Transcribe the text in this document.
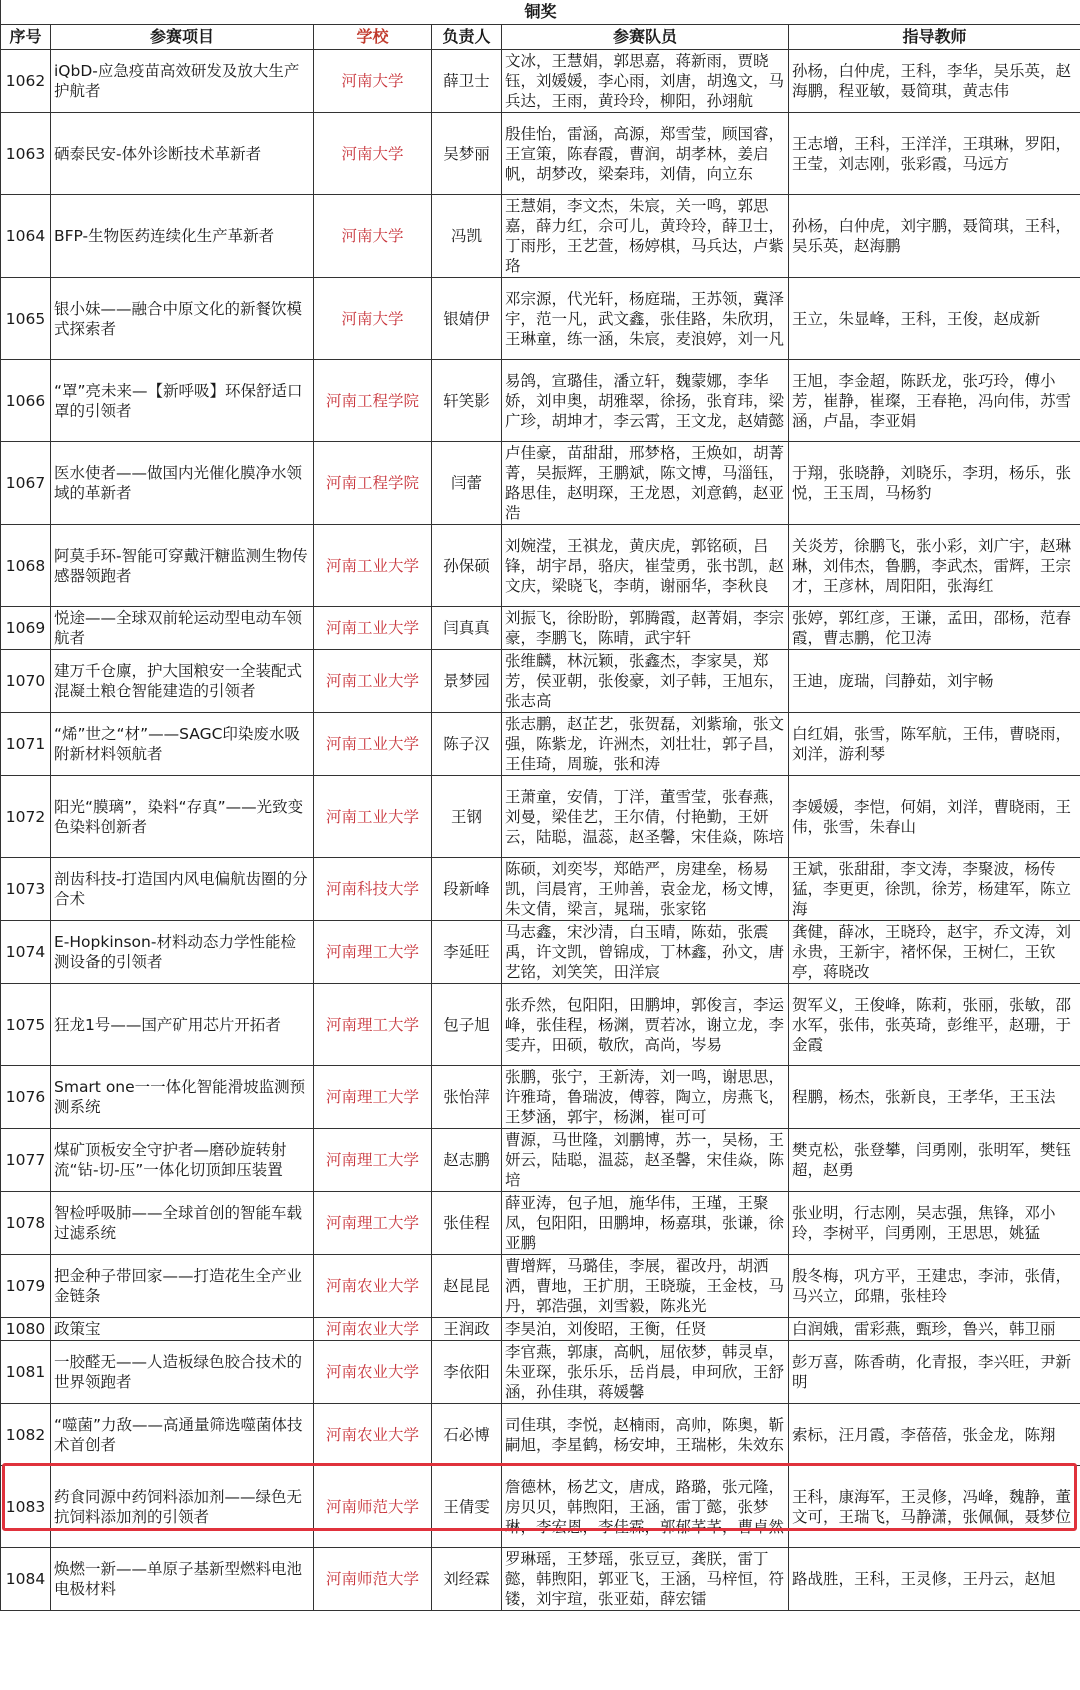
铜奖					
序号	参赛项目	学校	负责人	参赛队员	指导教师
1062	iQbD-应急疫苗高效研发及放大生产护航者	河南大学	薛卫士	文冰，王慧娟，郭思嘉，蒋新雨，贾晓钰，刘媛媛，李心雨，刘唐，胡逸文，马兵达，王雨，黄玲玲，柳阳，孙翊航	孙杨，白仲虎，王科，李华，吴乐英，赵海鹏，程亚敏，聂简琪，黄志伟
1063	硒泰民安-体外诊断技术革新者	河南大学	吴梦丽	殷佳怡，雷涵，高源，郑雪莹，顾国睿，王宣策，陈春霞，曹润，胡孝林，姜启帆，胡梦改，梁秦玮，刘倩，向立东	王志增，王科，王洋洋，王琪琳，罗阳，王莹，刘志刚，张彩霞，马远方
1064	BFP-生物医药连续化生产革新者	河南大学	冯凯	王慧娟，李文杰，朱宸，关一鸣，郭思嘉，薛力红，佘可儿，黄玲玲，薛卫士，丁雨彤，王艺萱，杨婷棋，马兵达，卢紫珞	孙杨，白仲虎，刘宇鹏，聂简琪，王科，吴乐英，赵海鹏
1065	银小妹——融合中原文化的新餐饮模式探索者	河南大学	银婧伊	邓宗源，代光轩，杨庭瑞，王苏领，冀泽宇，范一凡，武文鑫，张佳路，朱欣玥，王琳童，练一涵，朱宸，麦浪婷，刘一凡	王立，朱显峰，王科，王俊，赵成新
1066	“罩”亮未来—【新呼吸】环保舒适口罩的引领者	河南工程学院	轩笑影	易鸽，宣璐佳，潘立轩，魏蒙娜，李华娇，刘申奥，胡雅翠，徐扬，张育玮，梁广珍，胡坤才，李云霄，王文龙，赵婧懿	王旭，李金超，陈跃龙，张巧玲，傅小芳，崔静，崔璨，王春艳，冯向伟，苏雪涵，卢晶，李亚娟
1067	医水使者——做国内光催化膜净水领域的革新者	河南工程学院	闫蕾	卢佳豪，苗甜甜，邢梦格，王焕如，胡菁菁，吴振辉，王鹏斌，陈文博，马淄钰，路思佳，赵明琛，王龙恩，刘意鹤，赵亚浩	于翔，张晓静，刘晓乐，李玥，杨乐，张悦，王玉周，马杨豹
1068	阿莫手环-智能可穿戴汗糖监测生物传感器领跑者	河南工业大学	孙保硕	刘婉滢，王祺龙，黄庆虎，郭铭硕，吕锋，胡宇昂，骆庆，崔莹勇，张书凯，赵文庆，梁晓飞，李萌，谢丽华，李秋良	关炎芳，徐鹏飞，张小彩，刘广宇，赵琳琳，刘伟杰，鲁鹏，李武杰，雷辉，王宗才，王彦林，周阳阳，张海红
1069	悦途——全球双前轮运动型电动车领航者	河南工业大学	闫真真	刘振飞，徐盼盼，郭腾霞，赵菁娟，李宗豪，李鹏飞，陈晴，武宇轩	张婷，郭红彦，王谦，孟田，邵杨，范春霞，曹志鹏，佗卫涛
1070	建万千仓廪，护大国粮安一全装配式混凝土粮仓智能建造的引领者	河南工业大学	景梦园	张维麟，林沅颖，张鑫杰，李家昊，郑芳，侯亚朝，张俊豪，刘子韩，王旭东，张志高	王迪，庞瑞，闫静茹，刘宇畅
1071	“烯”世之“材”——SAGC印染废水吸附新材料领航者	河南工业大学	陈子汉	张志鹏，赵芷艺，张贺磊，刘紫瑜，张文强，陈紫龙，许洲杰，刘壮壮，郭子昌，王佳琦，周璇，张和涛	白红娟，张雪，陈军航，王伟，曹晓雨，刘洋，游利琴
1072	阳光“膜璃”，染料“存真”——光致变色染料创新者	河南工业大学	王钢	王萧童，安倩，丁洋，董雪莹，张春燕，刘曼，梁佳艺，王尔倩，付艳勤，王妍云，陆聪，温蕊，赵圣馨，宋佳焱，陈培	李媛媛，李恺，何娟，刘洋，曹晓雨，王伟，张雪，朱春山
1073	剖齿科技-打造国内风电偏航齿圈的分合术	河南科技大学	段新峰	陈硕，刘奕岑，郑皓严，房建垒，杨易凯，闫晨宵，王帅善，袁金龙，杨文博，朱文倩，梁言，晁瑞，张家铭	王斌，张甜甜，李文涛，李聚波，杨传猛，李更更，徐凯，徐芳，杨建军，陈立海
1074	E-Hopkinson-材料动态力学性能检测设备的引领者	河南理工大学	李延旺	马志鑫，宋沙清，白玉晴，陈茹，张震禹，许文凯，曾锦成，丁林鑫，孙文，唐艺铭，刘笑笑，田洋宸	龚健，薛冰，王晓玲，赵宇，乔文涛，刘永贵，王新宇，褚怀保，王树仁，王钦亭，蒋晓改
1075	狂龙1号——国产矿用芯片开拓者	河南理工大学	包子旭	张乔然，包阳阳，田鹏坤，郭俊言，李运峰，张佳程，杨渊，贾若冰，谢立龙，李雯卉，田硕，敬欣，高尚，岑易	贺军义，王俊峰，陈莉，张丽，张敏，邵水军，张伟，张英琦，彭维平，赵珊，于金霞
1076	Smart one一一体化智能滑坡监测预测系统	河南理工大学	张怡萍	张鹏，张宁，王新涛，刘一鸣，谢思思，许雅琦，鲁瑞波，傅蓉，陶立，房燕飞，王梦涵，郭宇，杨渊，崔可可	程鹏，杨杰，张新良，王孝华，王玉法
1077	煤矿顶板安全守护者—磨砂旋转射流“钻-切-压”一体化切顶卸压装置	河南理工大学	赵志鹏	曹源，马世隆，刘鹏博，苏一，吴杨，王妍云，陆聪，温蕊，赵圣馨，宋佳焱，陈培	樊克松，张登攀，闫勇刚，张明军，樊钰超，赵勇
1078	智检呼吸肺——全球首创的智能车载过滤系统	河南理工大学	张佳程	薛亚涛，包子旭，施华伟，王瑾，王聚凤，包阳阳，田鹏坤，杨嘉琪，张谦，徐亚鹏	张业明，行志刚，吴志强，焦锋，邓小玲，李树平，闫勇刚，王思思，姚猛
1079	把金种子带回家——打造花生全产业金链条	河南农业大学	赵昆昆	曹增辉，马璐佳，李展，翟改丹，胡洒洒，曹地，王扩朋，王晓璇，王金枝，马丹，郭浩强，刘雪毅，陈兆光	殷冬梅，巩方平，王建忠，李沛，张倩，马兴立，邱鼎，张桂玲
1080	政策宝	河南农业大学	王润政	李昊泊，刘俊昭，王衡，任贤	白润娥，雷彩燕，甄珍，鲁兴，韩卫丽
1081	一胶醛无——人造板绿色胶合技术的世界领跑者	河南农业大学	李依阳	李官燕，郭康，高帆，屈依梦，韩灵卓，朱亚琛，张乐乐，岳肖晨，申珂欣，王舒涵，孙佳琪，蒋媛馨	彭万喜，陈香萌，化青报，李兴旺，尹新明
1082	“噬菌”力敌——高通量筛选噬菌体技术首创者	河南农业大学	石必博	司佳琪，李悦，赵楠雨，高帅，陈奥，靳嗣旭，李星鹤，杨安坤，王瑞彬，朱效东	索标，汪月霞，李蓓蓓，张金龙，陈翔
1083	药食同源中药饲料添加剂——绿色无抗饲料添加剂的引领者	河南师范大学	王倩雯	詹德林，杨艺文，唐成，路璐，张元隆，房贝贝，韩煦阳，王涵，雷丁懿，张梦琳，李宏恩，李佳霖，郭郁芊芊，曹卓然	王科，康海军，王灵修，冯峰，魏静，董文可，王瑞飞，马静潇，张佩佩，聂梦位
1084	焕燃一新——单原子基新型燃料电池电极材料	河南师范大学	刘经霖	罗琳瑶，王梦瑶，张豆豆，龚朕，雷丁懿，韩煦阳，郭亚飞，王涵，马梓恒，符镂，刘宇瑄，张亚茹，薛宏镭	路战胜，王科，王灵修，王丹云，赵旭
